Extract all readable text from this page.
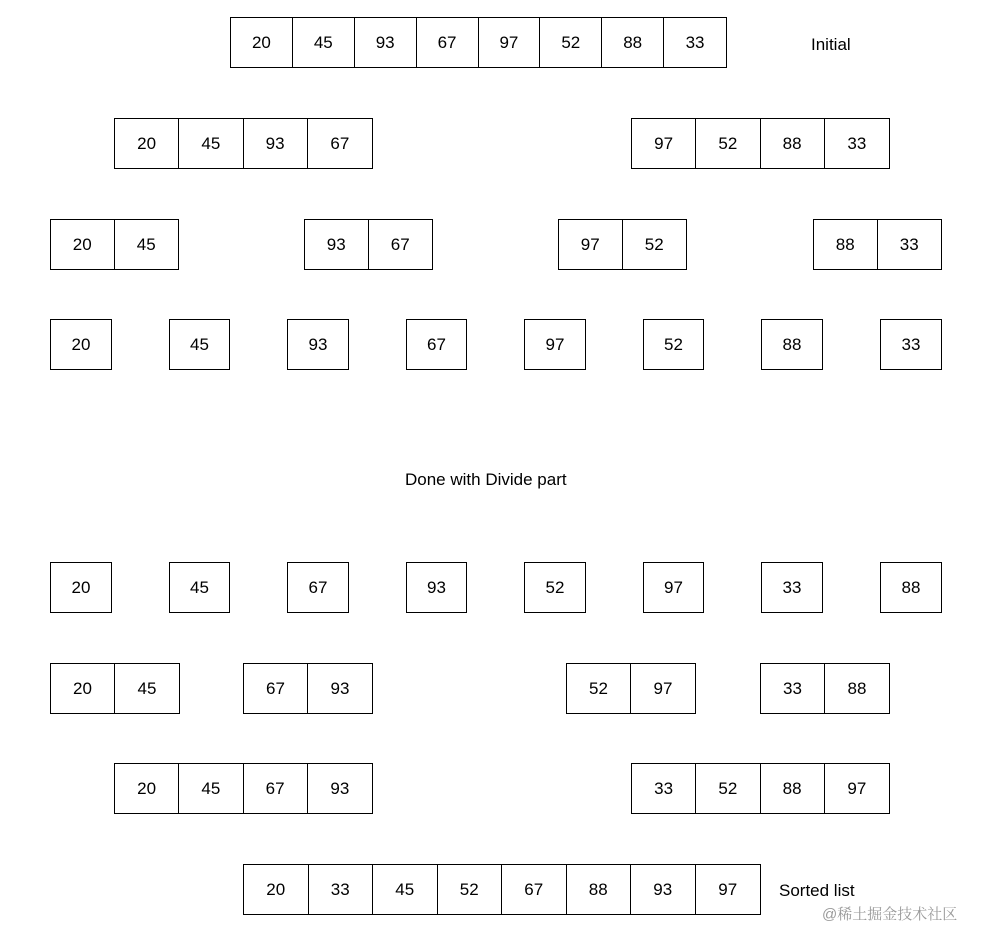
20	45	93	67	97	52	88	33
20	45	93	67	97	52	88	33
20	45	93	67	97	52	88	33
20	45	93	67	97	52	88	33
20	45	67	93	52	97	33	88
20	45	67	93	52	97	33	88
20	45	67	93	33	52	88	97
20	33	45	52	67	88	93	97
Initial
Done with Divide part
Sorted list
@稀土掘金技术社区
